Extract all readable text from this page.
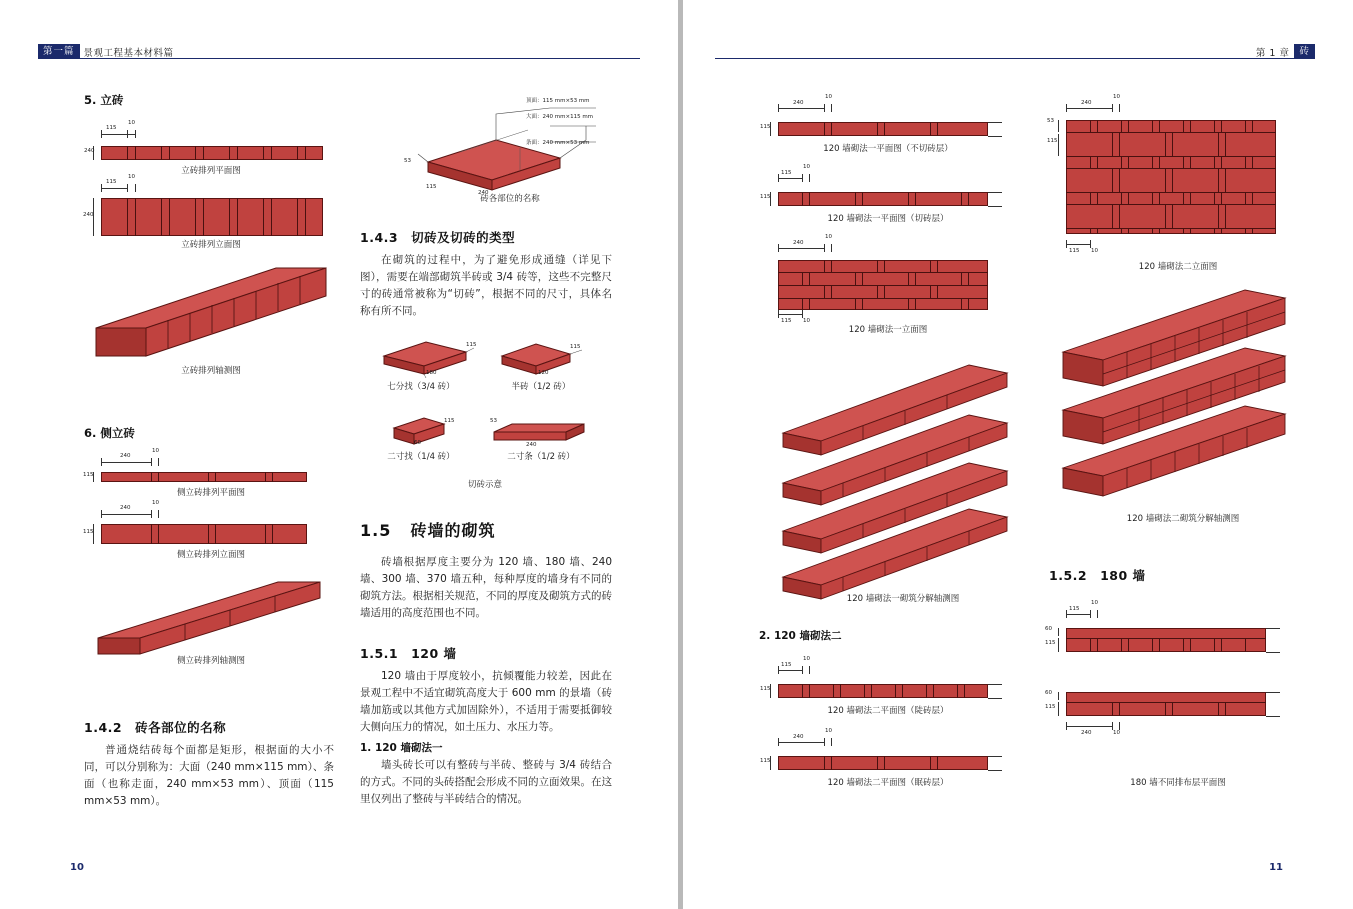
第一篇 景观工程基本材料篇
5. 立砖
115
10
240
立砖排列平面图
115
10
240
立砖排列立面图
立砖排列轴测图
6. 侧立砖
240
10
115
侧立砖排列平面图
240
10
115
侧立砖排列立面图
侧立砖排列轴测图
1.4.2　砖各部位的名称
普通烧结砖每个面都是矩形，根据面的大小不同，可以分别称为：大面（240 mm×115 mm）、条面（也称走面，240 mm×53 mm）、顶面（115 mm×53 mm）。
顶面：115 mm×53 mm
大面：240 mm×115 mm
条面：240 mm×53 mm
115
240
53
砖各部位的名称
1.4.3　切砖及切砖的类型
在砌筑的过程中，为了避免形成通缝（详见下图），需要在端部砌筑半砖或 3/4 砖等，这些不完整尺寸的砖通常被称为“切砖”，根据不同的尺寸，具体名称有所不同。
180
115
七分找（3/4 砖）
120
115
半砖（1/2 砖）
60
115
二寸找（1/4 砖）
240
53
二寸条（1/2 砖）
切砖示意
1.5 砖墙的砌筑
砖墙根据厚度主要分为 120 墙、180 墙、240 墙、300 墙、370 墙五种，每种厚度的墙身有不同的砌筑方法。根据相关规范，不同的厚度及砌筑方式的砖墙适用的高度范围也不同。
1.5.1　120 墙
120 墙由于厚度较小，抗倾覆能力较差，因此在景观工程中不适宜砌筑高度大于 600 mm 的景墙（砖墙加筋或以其他方式加固除外），不适用于需要抵御较大侧向压力的情况，如土压力、水压力等。
1. 120 墙砌法一
墙头砖长可以有整砖与半砖、整砖与 3/4 砖结合的方式。不同的头砖搭配会形成不同的立面效果。在这里仅列出了整砖与半砖结合的情况。
10
第 1 章 砖
240
10
115
120 墙砌法一平面图（不切砖层）
115
10
115
120 墙砌法一平面图（切砖层）
240
10
115 10
120 墙砌法一立面图
120 墙砌法一砌筑分解轴测图
2. 120 墙砌法二
115
10
115
120 墙砌法二平面图（陡砖层）
240
10
115
120 墙砌法二平面图（眠砖层）
240
10
53
115
115 10
120 墙砌法二立面图
120 墙砌法二砌筑分解轴测图
1.5.2　180 墙
115
10
60
115
60
115
240	10
180 墙不同排布层平面图
11
